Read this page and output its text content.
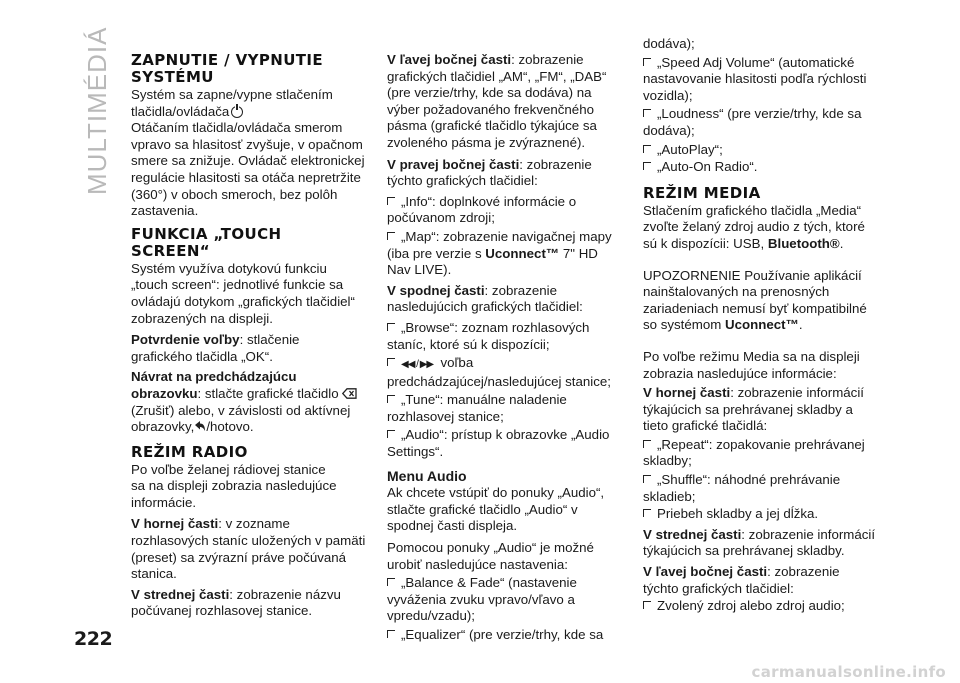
MULTIMÉDIÁ ZAPNUTIE / VYPNUTIE
SYSTÉMU
Systém sa zapne/vypne stlačením
tlačidla/ovládača
Otáčaním tlačidla/ovládača smerom
vpravo sa hlasitosť zvyšuje, v opačnom
smere sa znižuje. Ovládač elektronickej
regulácie hlasitosti sa otáča nepretržite
(360°) v oboch smeroch, bez polôh
zastavenia.
FUNKCIA „TOUCH
SCREEN“
Systém využíva dotykovú funkciu
„touch screen“: jednotlivé funkcie sa
ovládajú dotykom „grafických tlačidiel“
zobrazených na displeji.
Potvrdenie voľby: stlačenie
grafického tlačidla „OK“.
Návrat na predchádzajúcu
obrazovku: stlačte grafické tlačidlo
(Zrušiť) alebo, v závislosti od aktívnej
obrazovky, /hotovo.
REŽIM RADIO
Po voľbe želanej rádiovej stanice
sa na displeji zobrazia nasledujúce
informácie.
V hornej časti: v zozname
rozhlasových staníc uložených v pamäti
(preset) sa zvýrazní práve počúvaná
stanica.
V strednej časti: zobrazenie názvu
počúvanej rozhlasovej stanice.
V ľavej bočnej časti: zobrazenie
grafických tlačidiel „AM“, „FM“, „DAB“
(pre verzie/trhy, kde sa dodáva) na
výber požadovaného frekvenčného
pásma (grafické tlačidlo týkajúce sa
zvoleného pásma je zvýraznené).
V pravej bočnej časti: zobrazenie
týchto grafických tlačidiel:
„Info“: doplnkové informácie o
počúvanom zdroji;
„Map“: zobrazenie navigačnej mapy
(iba pre verzie s Uconnect™ 7" HD
Nav LIVE).
V spodnej časti: zobrazenie
nasledujúcich grafických tlačidiel:
„Browse“: zoznam rozhlasových
staníc, ktoré sú k dispozícii;
◀◀ / ▶▶ voľba
predchádzajúcej/nasledujúcej stanice;
„Tune“: manuálne naladenie
rozhlasovej stanice;
„Audio“: prístup k obrazovke „Audio
Settings“.
Menu Audio
Ak chcete vstúpiť do ponuky „Audio“,
stlačte grafické tlačidlo „Audio“ v
spodnej časti displeja.
Pomocou ponuky „Audio“ je možné
urobiť nasledujúce nastavenia:
„Balance & Fade“ (nastavenie
vyváženia zvuku vpravo/vľavo a
vpredu/vzadu);
„Equalizer“ (pre verzie/trhy, kde sa
dodáva);
„Speed Adj Volume“ (automatické
nastavovanie hlasitosti podľa rýchlosti
vozidla);
„Loudness“ (pre verzie/trhy, kde sa
dodáva);
„AutoPlay“;
„Auto-On Radio“.
REŽIM MEDIA
Stlačením grafického tlačidla „Media“
zvoľte želaný zdroj audio z tých, ktoré
sú k dispozícii: USB, Bluetooth®.
UPOZORNENIE Používanie aplikácií
nainštalovaných na prenosných
zariadeniach nemusí byť kompatibilné
so systémom Uconnect™.
Po voľbe režimu Media sa na displeji
zobrazia nasledujúce informácie:
V hornej časti: zobrazenie informácií
týkajúcich sa prehrávanej skladby a
tieto grafické tlačidlá:
„Repeat“: zopakovanie prehrávanej
skladby;
„Shuffle“: náhodné prehrávanie
skladieb;
Priebeh skladby a jej dĺžka.
V strednej časti: zobrazenie informácií
týkajúcich sa prehrávanej skladby.
V ľavej bočnej časti: zobrazenie
týchto grafických tlačidiel:
Zvolený zdroj alebo zdroj audio;
222
carmanualsonline.info
